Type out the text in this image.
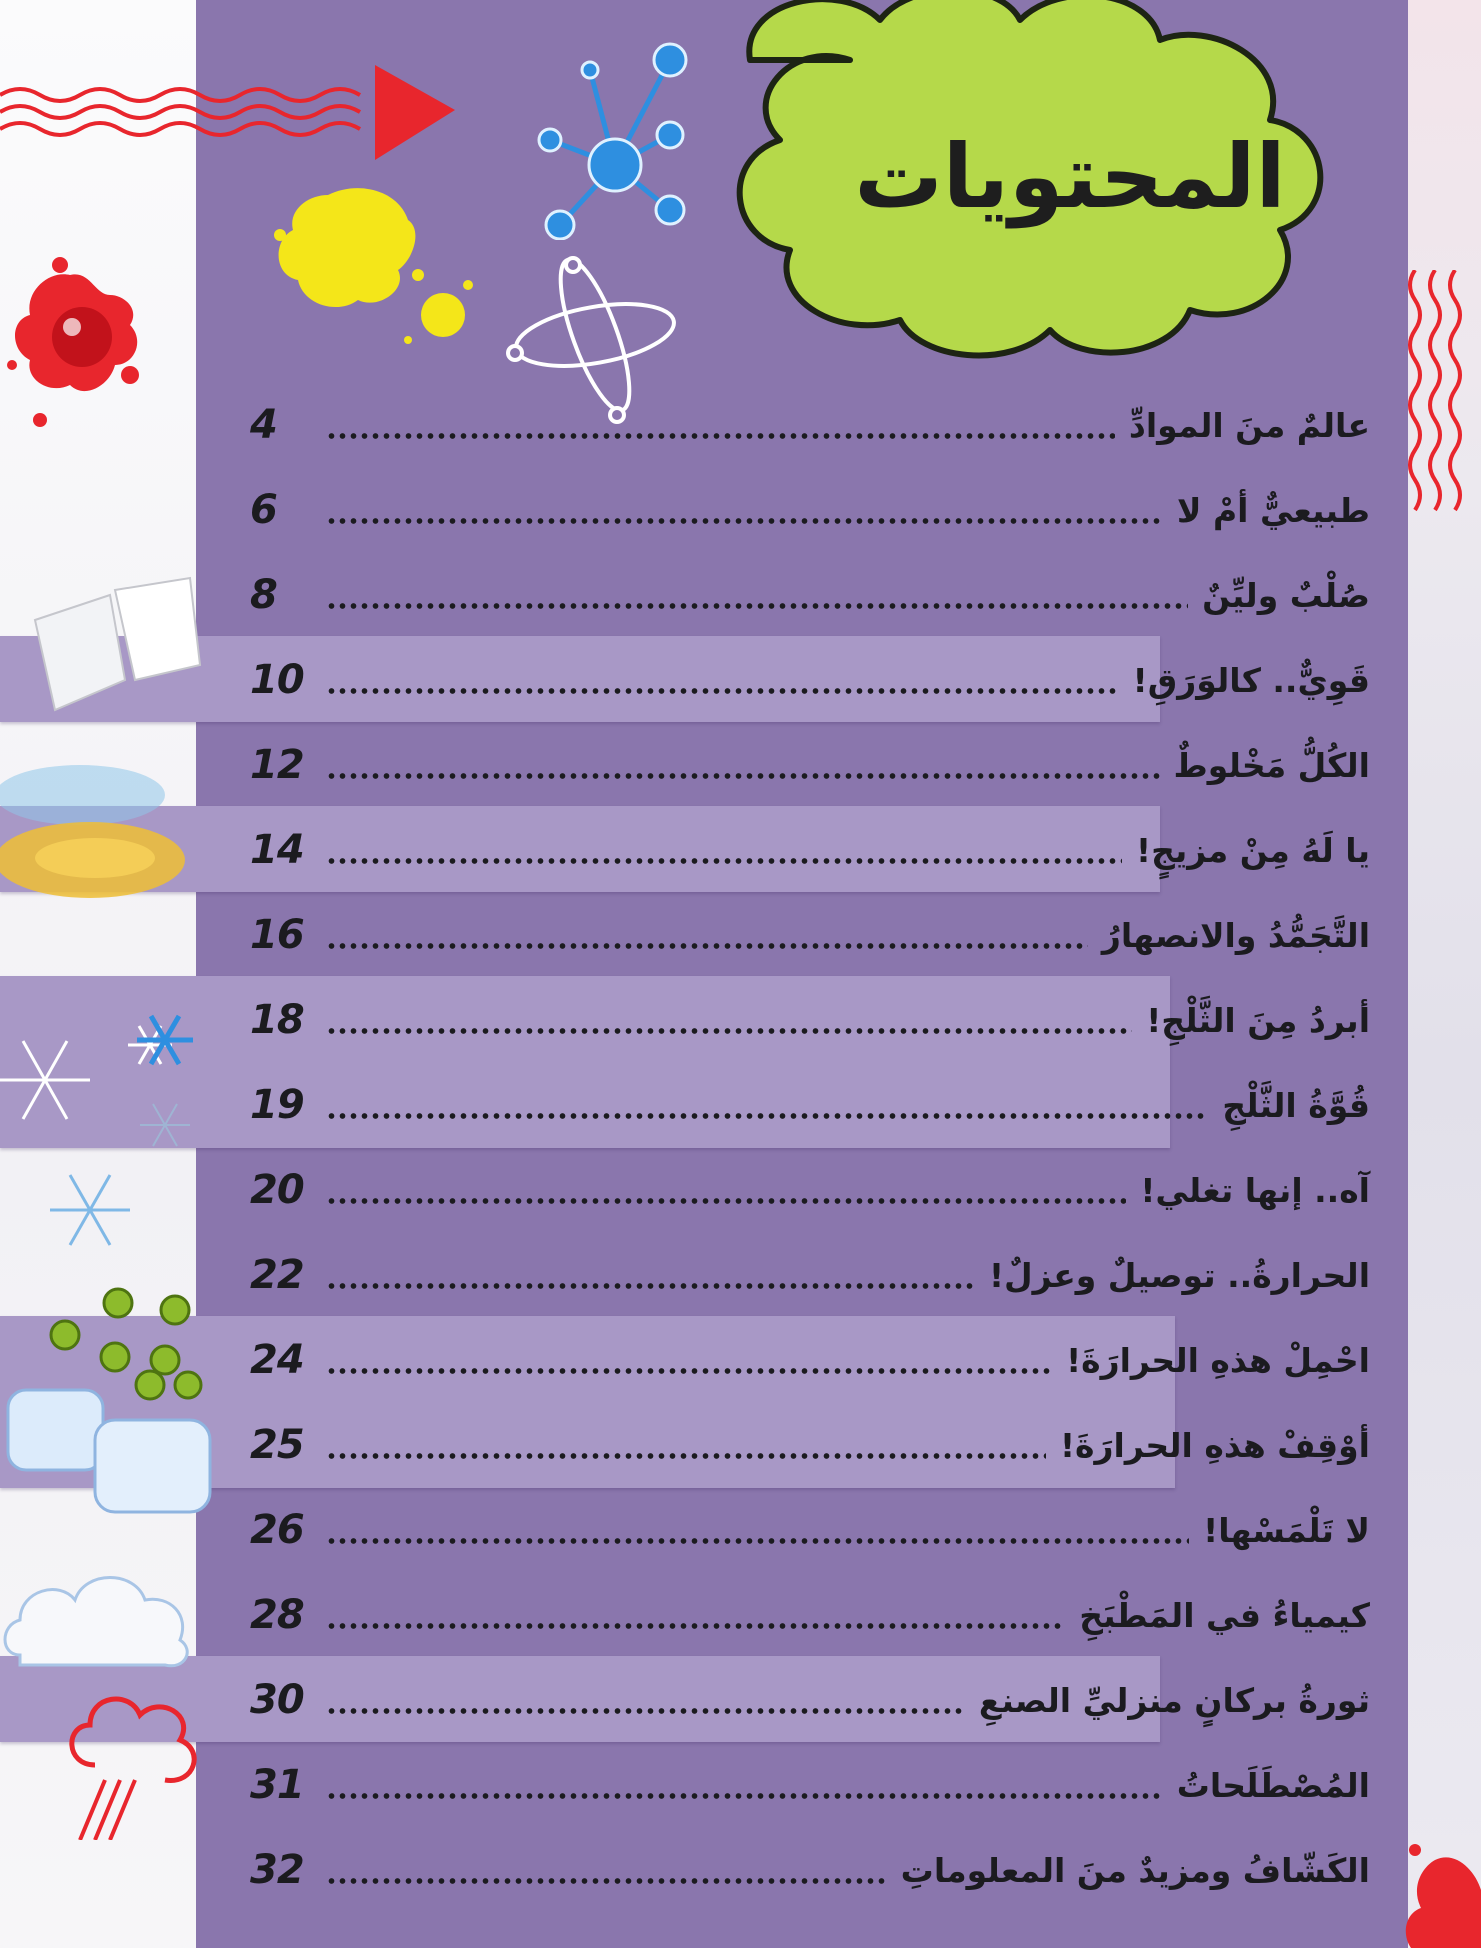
المحتويات
4	عالمٌ منَ الموادِّ
6	طبيعيٌّ أمْ لا
8	صُلْبٌ وليِّنٌ
10	قَوِيٌّ.. كالوَرَقِ!
12	الكُلُّ مَخْلوطٌ
14	يا لَهُ مِنْ مزيجٍ!
16	التَّجَمُّدُ والانصهارُ
18	أبردُ مِنَ الثَّلْجِ!
19	قُوَّةُ الثَّلْجِ
20	آه.. إنها تغلي!
22	الحرارةُ.. توصيلٌ وعزلٌ!
24	احْمِلْ هذهِ الحرارَةَ!
25	أوْقِفْ هذهِ الحرارَةَ!
26	لا تَلْمَسْها!
28	كيمياءُ في المَطْبَخِ
30	ثورةُ بركانٍ منزليِّ الصنعِ
31	المُصْطَلَحاتُ
32	الكَشّافُ ومزيدٌ منَ المعلوماتِ
